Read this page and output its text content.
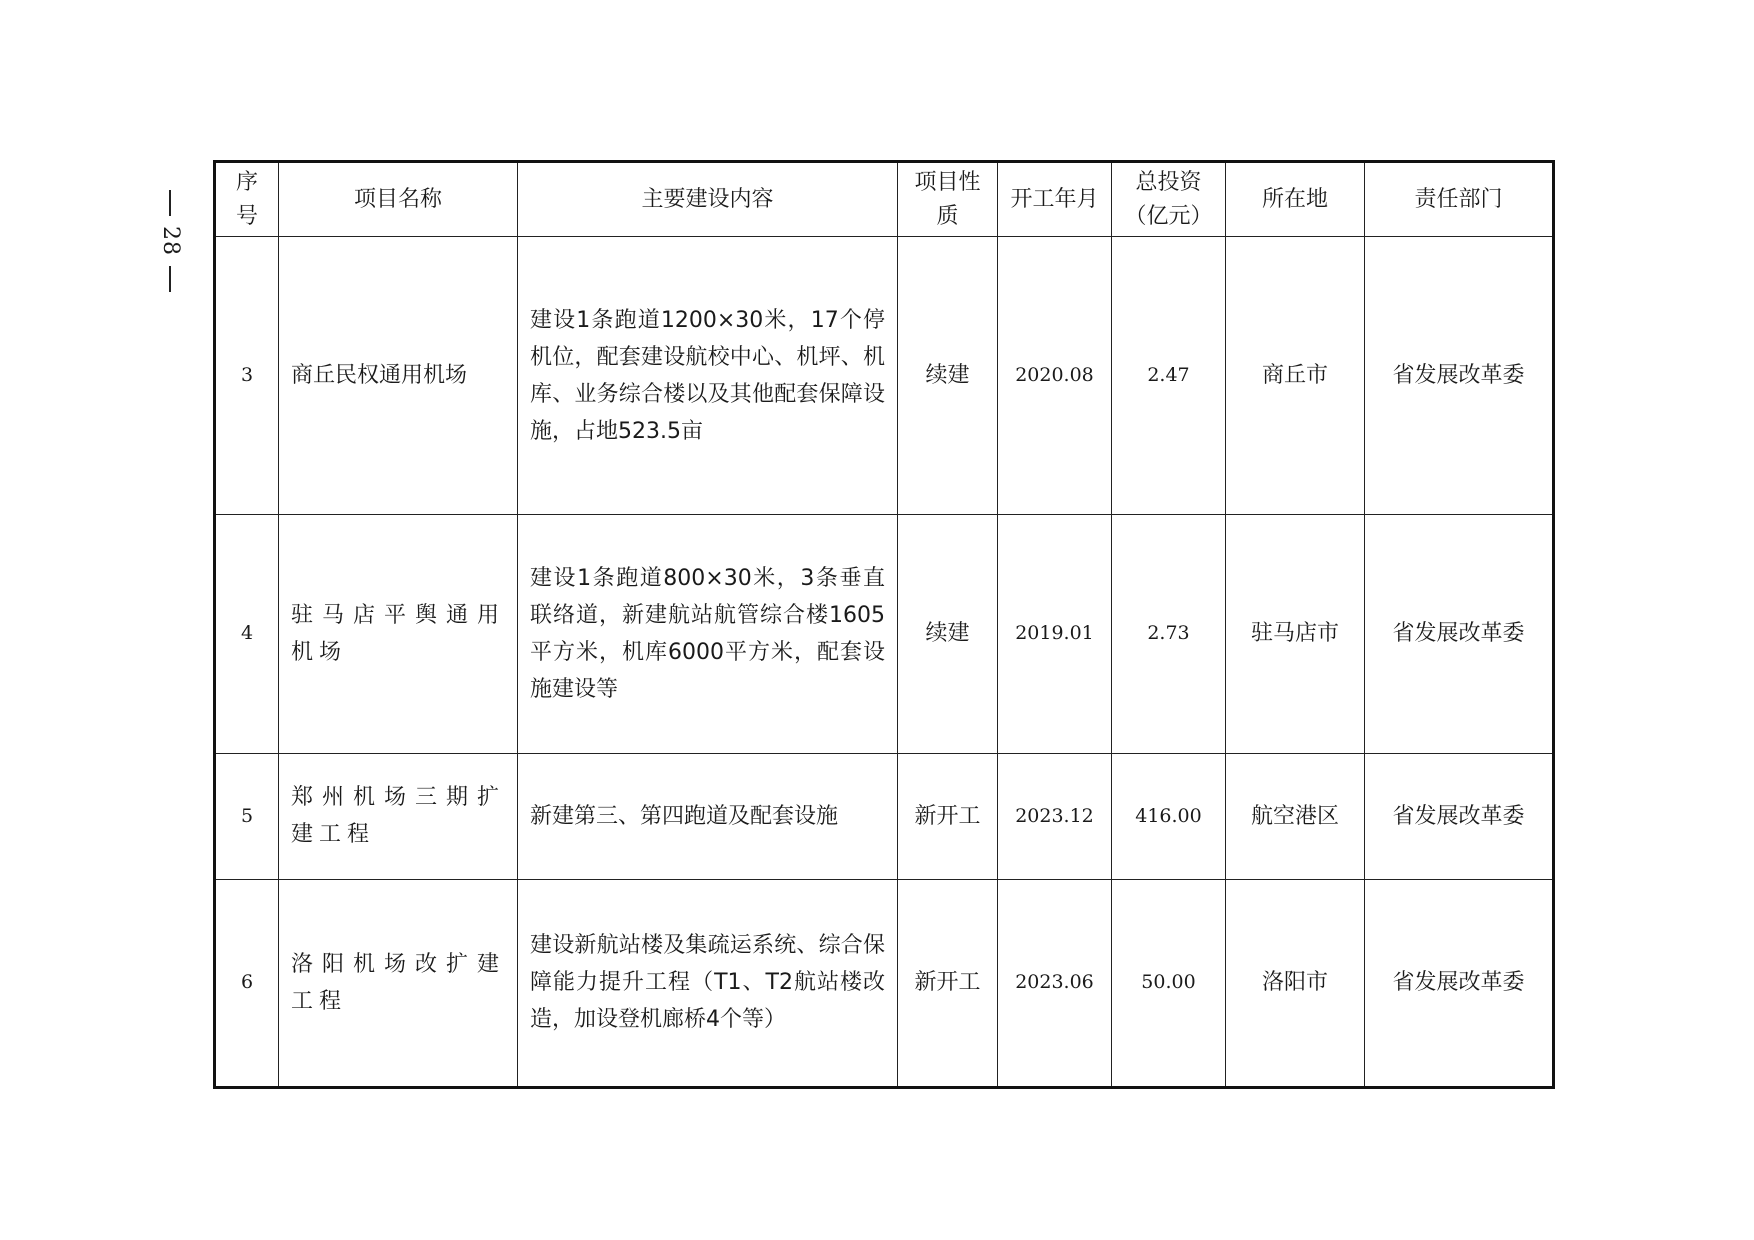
28
序号	项目名称	主要建设内容	项目性质	开工年月	总投资（亿元）	所在地	责任部门
3	商丘民权通用机场	建设1条跑道1200×30米，17个停机位，配套建设航校中心、机坪、机库、业务综合楼以及其他配套保障设施，占地523.5亩	续建	2020.08	2.47	商丘市	省发展改革委
4	驻马店平舆通用机场	建设1条跑道800×30米，3条垂直联络道，新建航站航管综合楼1605平方米，机库6000平方米，配套设施建设等	续建	2019.01	2.73	驻马店市	省发展改革委
5	郑州机场三期扩建工程	新建第三、第四跑道及配套设施	新开工	2023.12	416.00	航空港区	省发展改革委
6	洛阳机场改扩建工程	建设新航站楼及集疏运系统、综合保障能力提升工程（T1、T2航站楼改造，加设登机廊桥4个等）	新开工	2023.06	50.00	洛阳市	省发展改革委
